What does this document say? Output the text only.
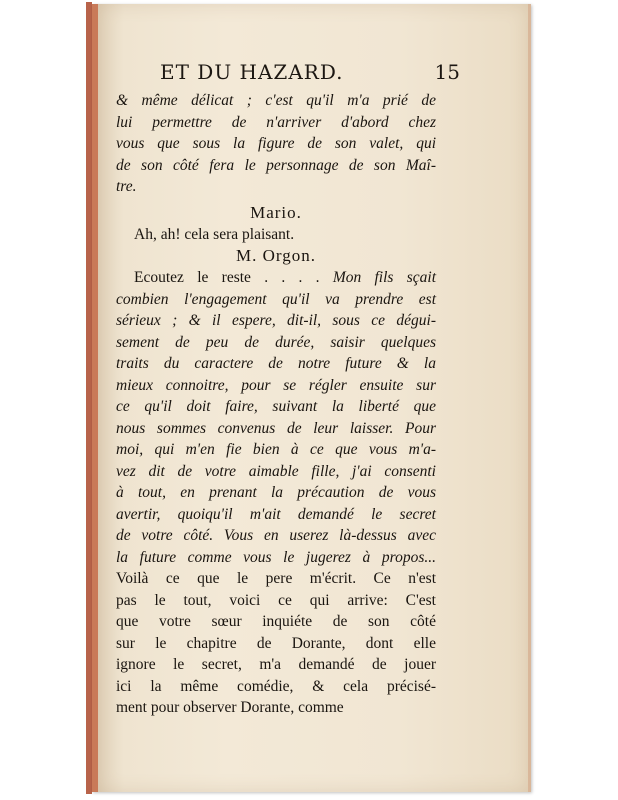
ET DU HAZARD.	15
& même délicat ; c'est qu'il m'a prié de
lui permettre de n'arriver d'abord chez
vous que sous la figure de son valet, qui
de son côté fera le personnage de son Maî-
tre.
Mario.
Ah, ah! cela sera plaisant.
M. Orgon.
Ecoutez le reste . . . . Mon fils sçait
combien l'engagement qu'il va prendre est
sérieux ; & il espere, dit-il, sous ce dégui-
sement de peu de durée, saisir quelques
traits du caractere de notre future & la
mieux connoitre, pour se régler ensuite sur
ce qu'il doit faire, suivant la liberté que
nous sommes convenus de leur laisser. Pour
moi, qui m'en fie bien à ce que vous m'a-
vez dit de votre aimable fille, j'ai consenti
à tout, en prenant la précaution de vous
avertir, quoiqu'il m'ait demandé le secret
de votre côté. Vous en userez là-dessus avec
la future comme vous le jugerez à propos...
Voilà ce que le pere m'écrit. Ce n'est
pas le tout, voici ce qui arrive: C'est
que votre sœur inquiéte de son côté
sur le chapitre de Dorante, dont elle
ignore le secret, m'a demandé de jouer
ici la même comédie, & cela précisé-
ment pour observer Dorante, comme
